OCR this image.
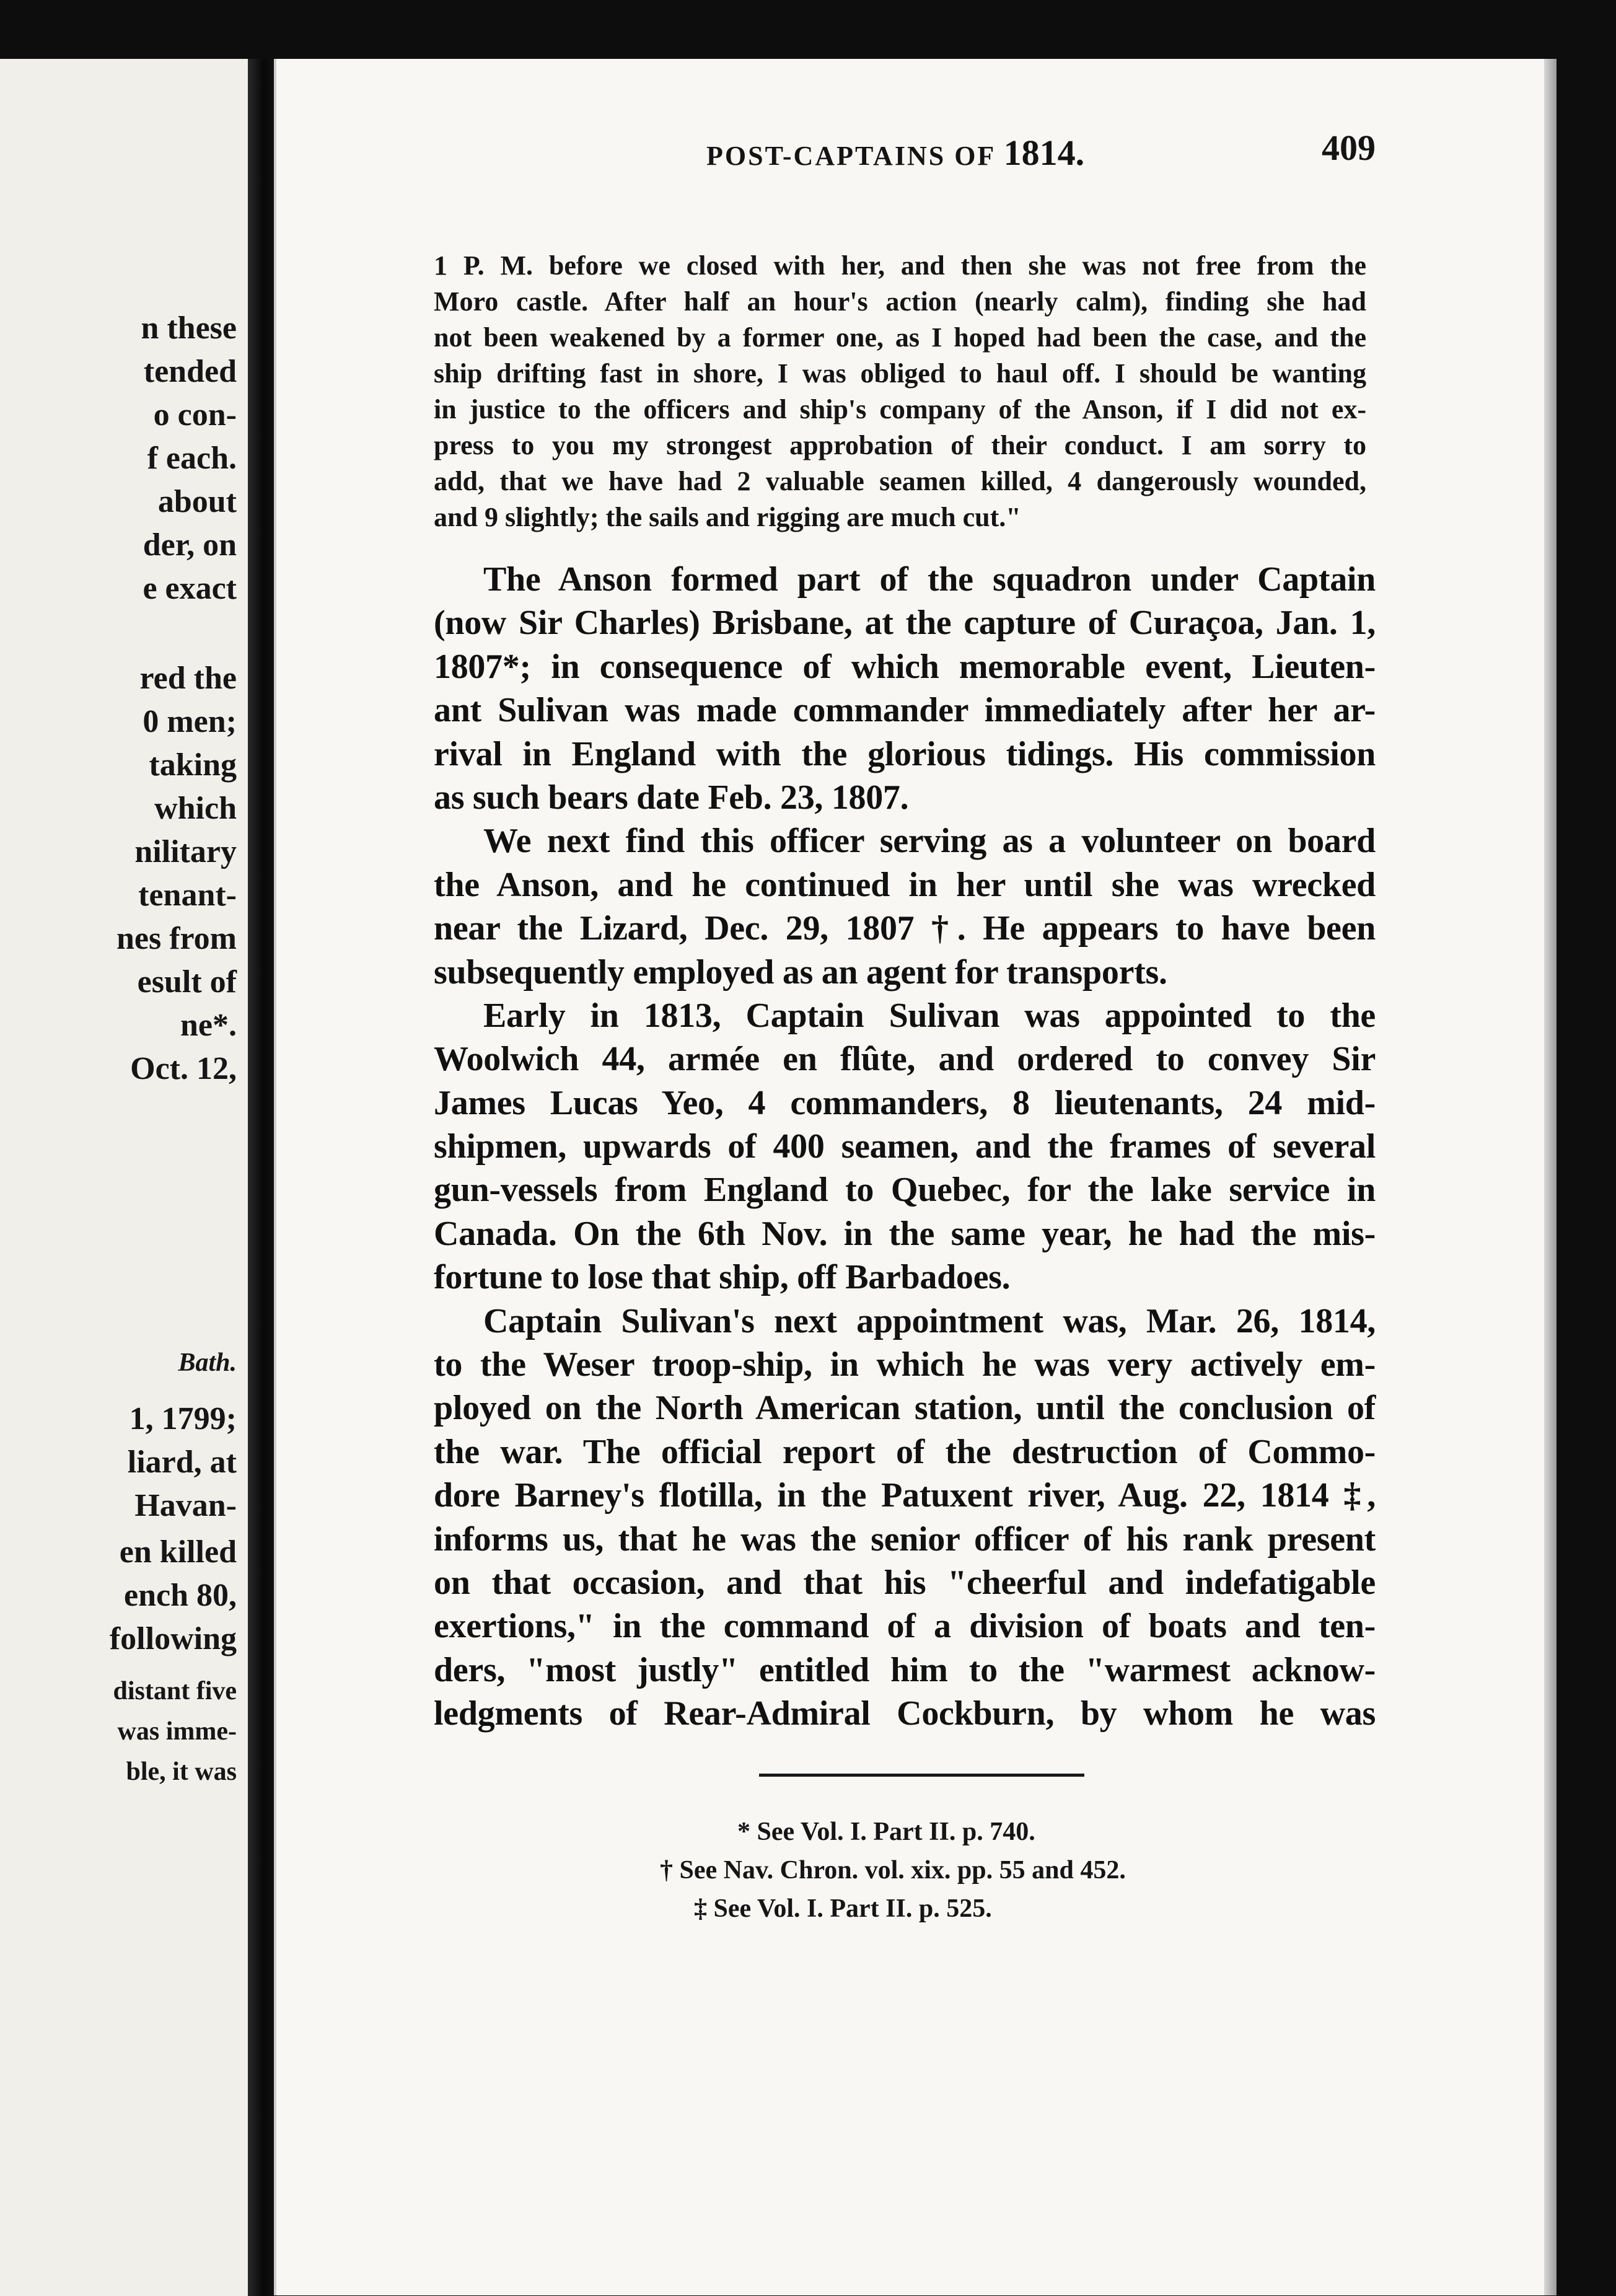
n these
tended
o con-
f each.
about
der, on
e exact
red the
0 men;
taking
which
nilitary
tenant-
nes from
esult of
ne*.
Oct. 12,
Bath.
1, 1799;
liard, at
Havan-
en killed
ench 80,
following
distant five
was imme-
ble, it was
POST-CAPTAINS OF 1814.	409
1 P. M. before we closed with her, and then she was not free from the
Moro castle. After half an hour's action (nearly calm), finding she had
not been weakened by a former one, as I hoped had been the case, and the
ship drifting fast in shore, I was obliged to haul off. I should be wanting
in justice to the officers and ship's company of the Anson, if I did not ex-
press to you my strongest approbation of their conduct. I am sorry to
add, that we have had 2 valuable seamen killed, 4 dangerously wounded,
and 9 slightly; the sails and rigging are much cut."
The Anson formed part of the squadron under Captain
(now Sir Charles) Brisbane, at the capture of Curaçoa, Jan. 1,
1807*; in consequence of which memorable event, Lieuten-
ant Sulivan was made commander immediately after her ar-
rival in England with the glorious tidings. His commission
as such bears date Feb. 23, 1807.
We next find this officer serving as a volunteer on board
the Anson, and he continued in her until she was wrecked
near the Lizard, Dec. 29, 1807 †. He appears to have been
subsequently employed as an agent for transports.
Early in 1813, Captain Sulivan was appointed to the
Woolwich 44, armée en flûte, and ordered to convey Sir
James Lucas Yeo, 4 commanders, 8 lieutenants, 24 mid-
shipmen, upwards of 400 seamen, and the frames of several
gun-vessels from England to Quebec, for the lake service in
Canada. On the 6th Nov. in the same year, he had the mis-
fortune to lose that ship, off Barbadoes.
Captain Sulivan's next appointment was, Mar. 26, 1814,
to the Weser troop-ship, in which he was very actively em-
ployed on the North American station, until the conclusion of
the war. The official report of the destruction of Commo-
dore Barney's flotilla, in the Patuxent river, Aug. 22, 1814 ‡,
informs us, that he was the senior officer of his rank present
on that occasion, and that his "cheerful and indefatigable
exertions," in the command of a division of boats and ten-
ders, "most justly" entitled him to the "warmest acknow-
ledgments of Rear-Admiral Cockburn, by whom he was
* See Vol. I. Part II. p. 740.
† See Nav. Chron. vol. xix. pp. 55 and 452.
‡ See Vol. I. Part II. p. 525.
